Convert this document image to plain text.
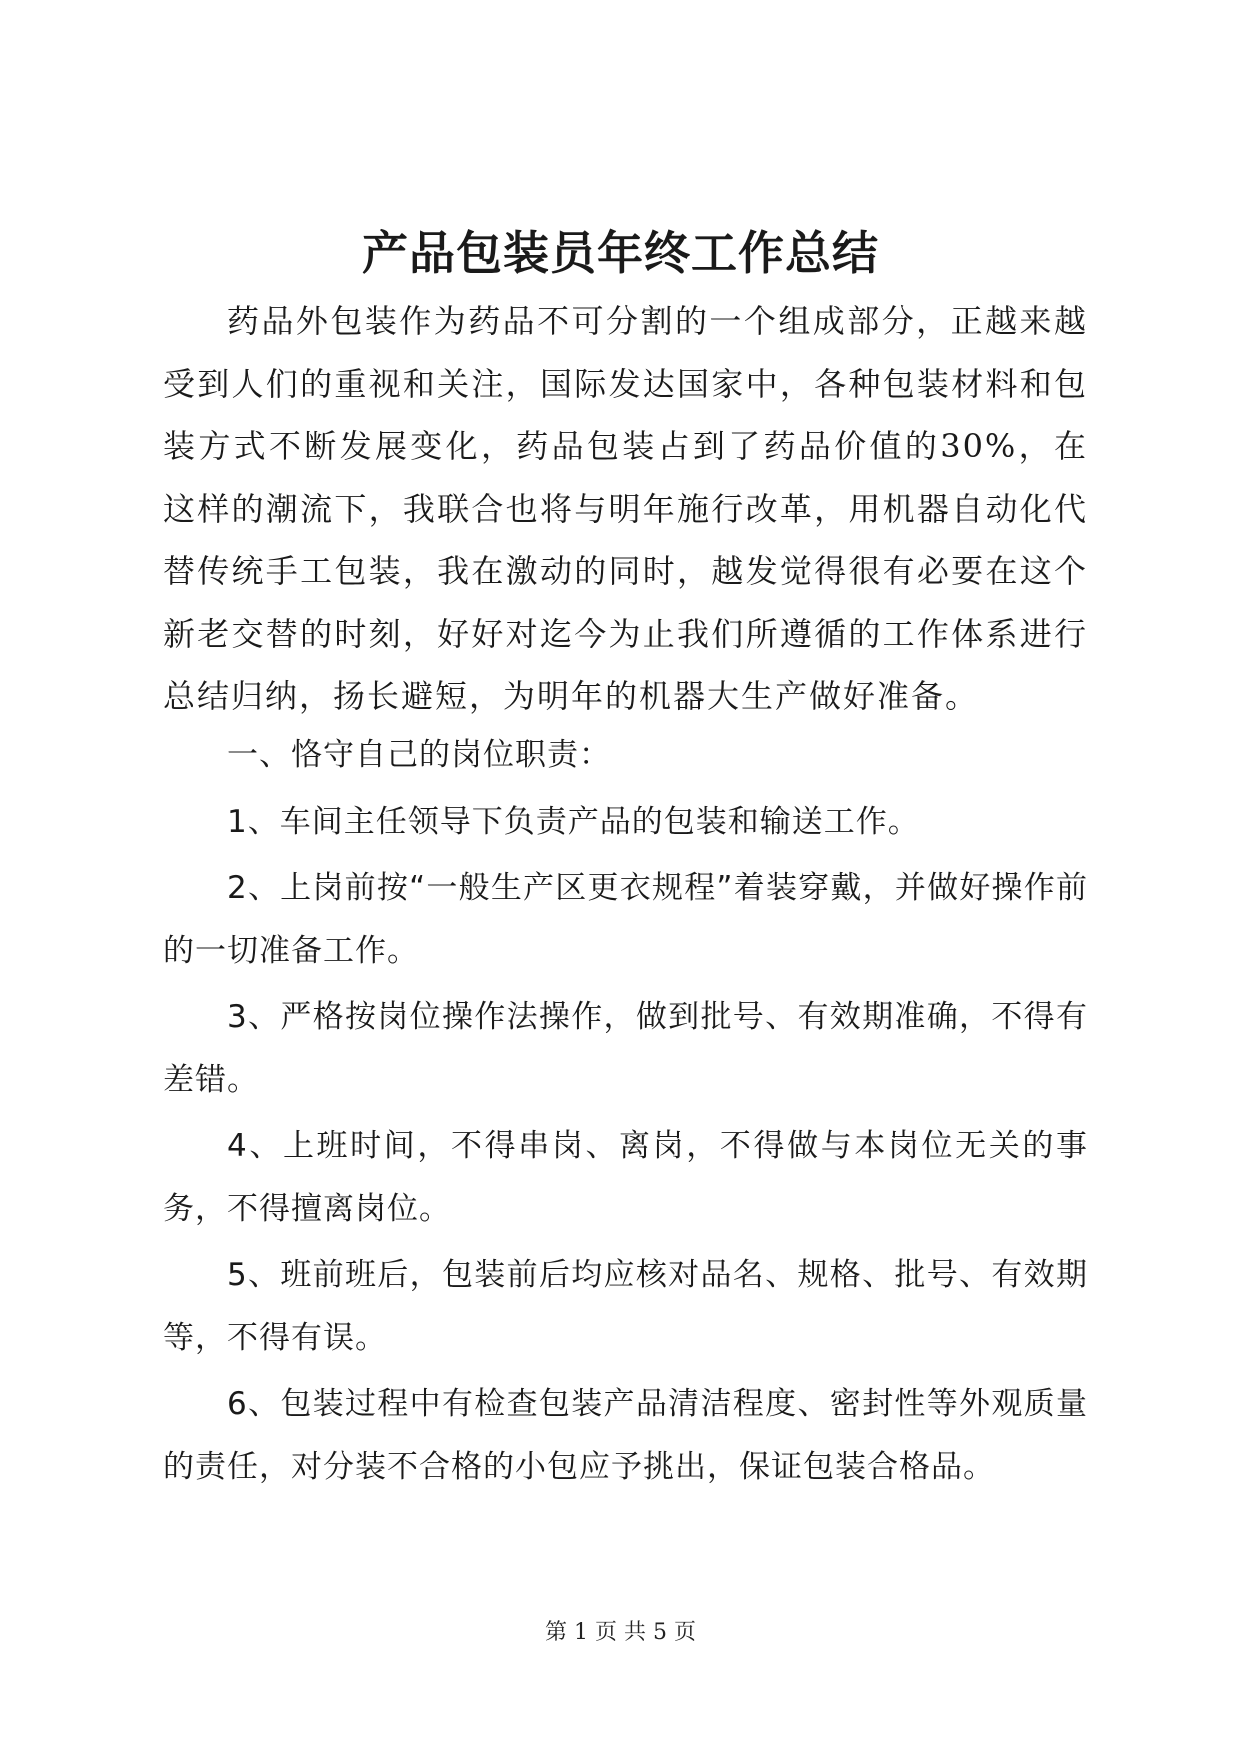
产品包装员年终工作总结

药品外包装作为药品不可分割的一个组成部分，正越来越受到人们的重视和关注，国际发达国家中，各种包装材料和包装方式不断发展变化，药品包装占到了药品价值的30%，在这样的潮流下，我联合也将与明年施行改革，用机器自动化代替传统手工包装，我在激动的同时，越发觉得很有必要在这个新老交替的时刻，好好对迄今为止我们所遵循的工作体系进行总结归纳，扬长避短，为明年的机器大生产做好准备。

一、恪守自己的岗位职责：

1、车间主任领导下负责产品的包装和输送工作。

2、上岗前按“一般生产区更衣规程”着装穿戴，并做好操作前的一切准备工作。

3、严格按岗位操作法操作，做到批号、有效期准确，不得有差错。

4、上班时间，不得串岗、离岗，不得做与本岗位无关的事务，不得擅离岗位。

5、班前班后，包装前后均应核对品名、规格、批号、有效期等，不得有误。

6、包装过程中有检查包装产品清洁程度、密封性等外观质量的责任，对分装不合格的小包应予挑出，保证包装合格品。

第 1 页 共 5 页
